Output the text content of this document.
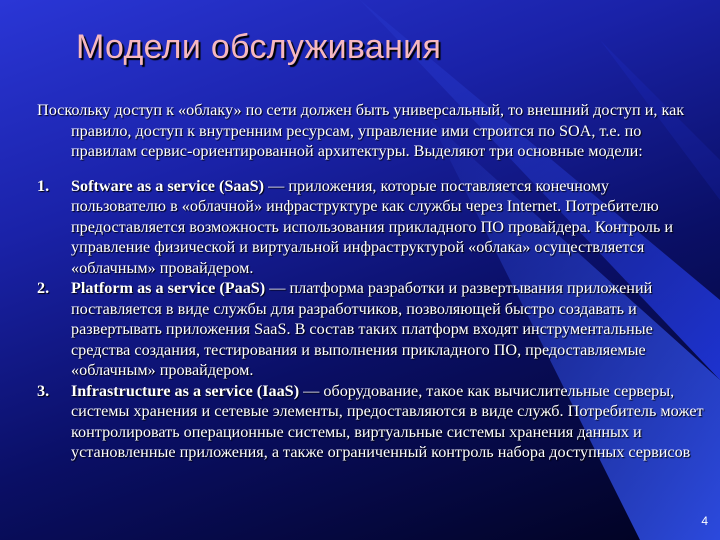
Модели обслуживания

Поскольку доступ к «облаку» по сети должен быть универсальный, то внешний доступ и, как правило, доступ к внутренним ресурсам, управление ими строится по SOA, т.е. по правилам сервис-ориентированной архитектуры. Выделяют три основные модели:

1. Software as a service (SaaS) — приложения, которые поставляется конечному пользователю в «облачной» инфраструктуре как службы через Internet. Потребителю предоставляется возможность использования прикладного ПО провайдера. Контроль и управление физической и виртуальной инфраструктурой «облака» осуществляется «облачным» провайдером.
2. Platform as a service (PaaS) — платформа разработки и развертывания приложений поставляется в виде службы для разработчиков, позволяющей быстро создавать и развертывать приложения SaaS. В состав таких платформ входят инструментальные средства создания, тестирования и выполнения прикладного ПО, предоставляемые «облачным» провайдером.
3. Infrastructure as a service (IaaS) — оборудование, такое как вычислительные серверы, системы хранения и сетевые элементы, предоставляются в виде служб. Потребитель может контролировать операционные системы, виртуальные системы хранения данных и установленные приложения, а также ограниченный контроль набора доступных сервисов
4
